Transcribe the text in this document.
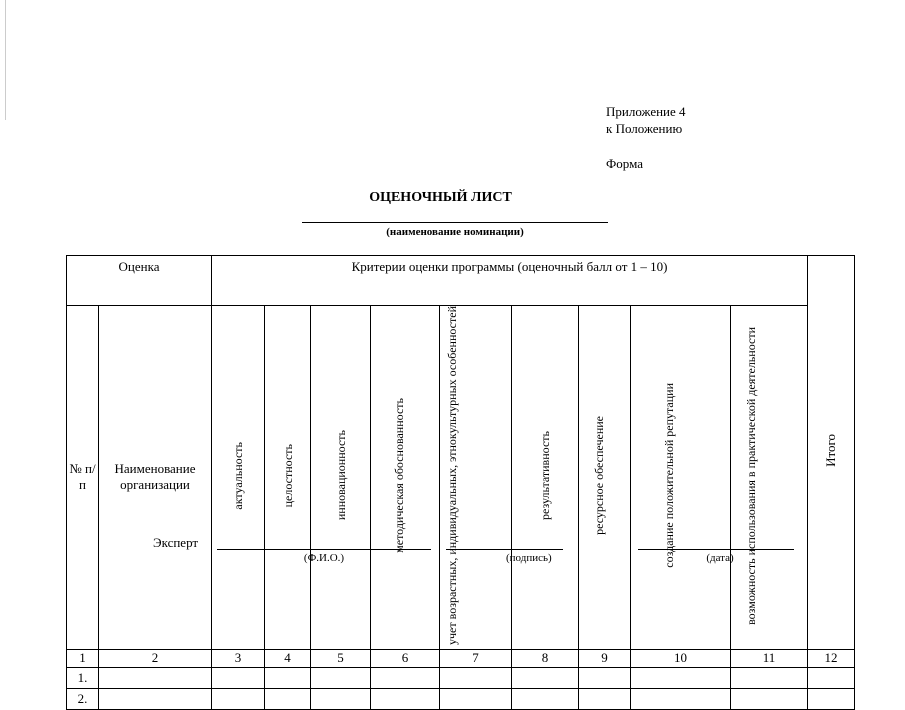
Приложение 4
к Положению
Форма
ОЦЕНОЧНЫЙ ЛИСТ
(наименование номинации)
Оценка		Критерии оценки программы (оценочный балл от 1 – 10)									Итого
№ п/п	Наименование организации	актуальность	целостность	инновационность	методическая обоснованность	учет возрастных, индивидуальных, этнокультурных особенностей	результативность	ресурсное обеспечение	создание положительной репутации	возможность использования в практической деятельности	
1	2	3	4	5	6	7	8	9	10	11	12
1.											
2.											
Эксперт
(Ф.И.О.)	(подпись)	(дата)
